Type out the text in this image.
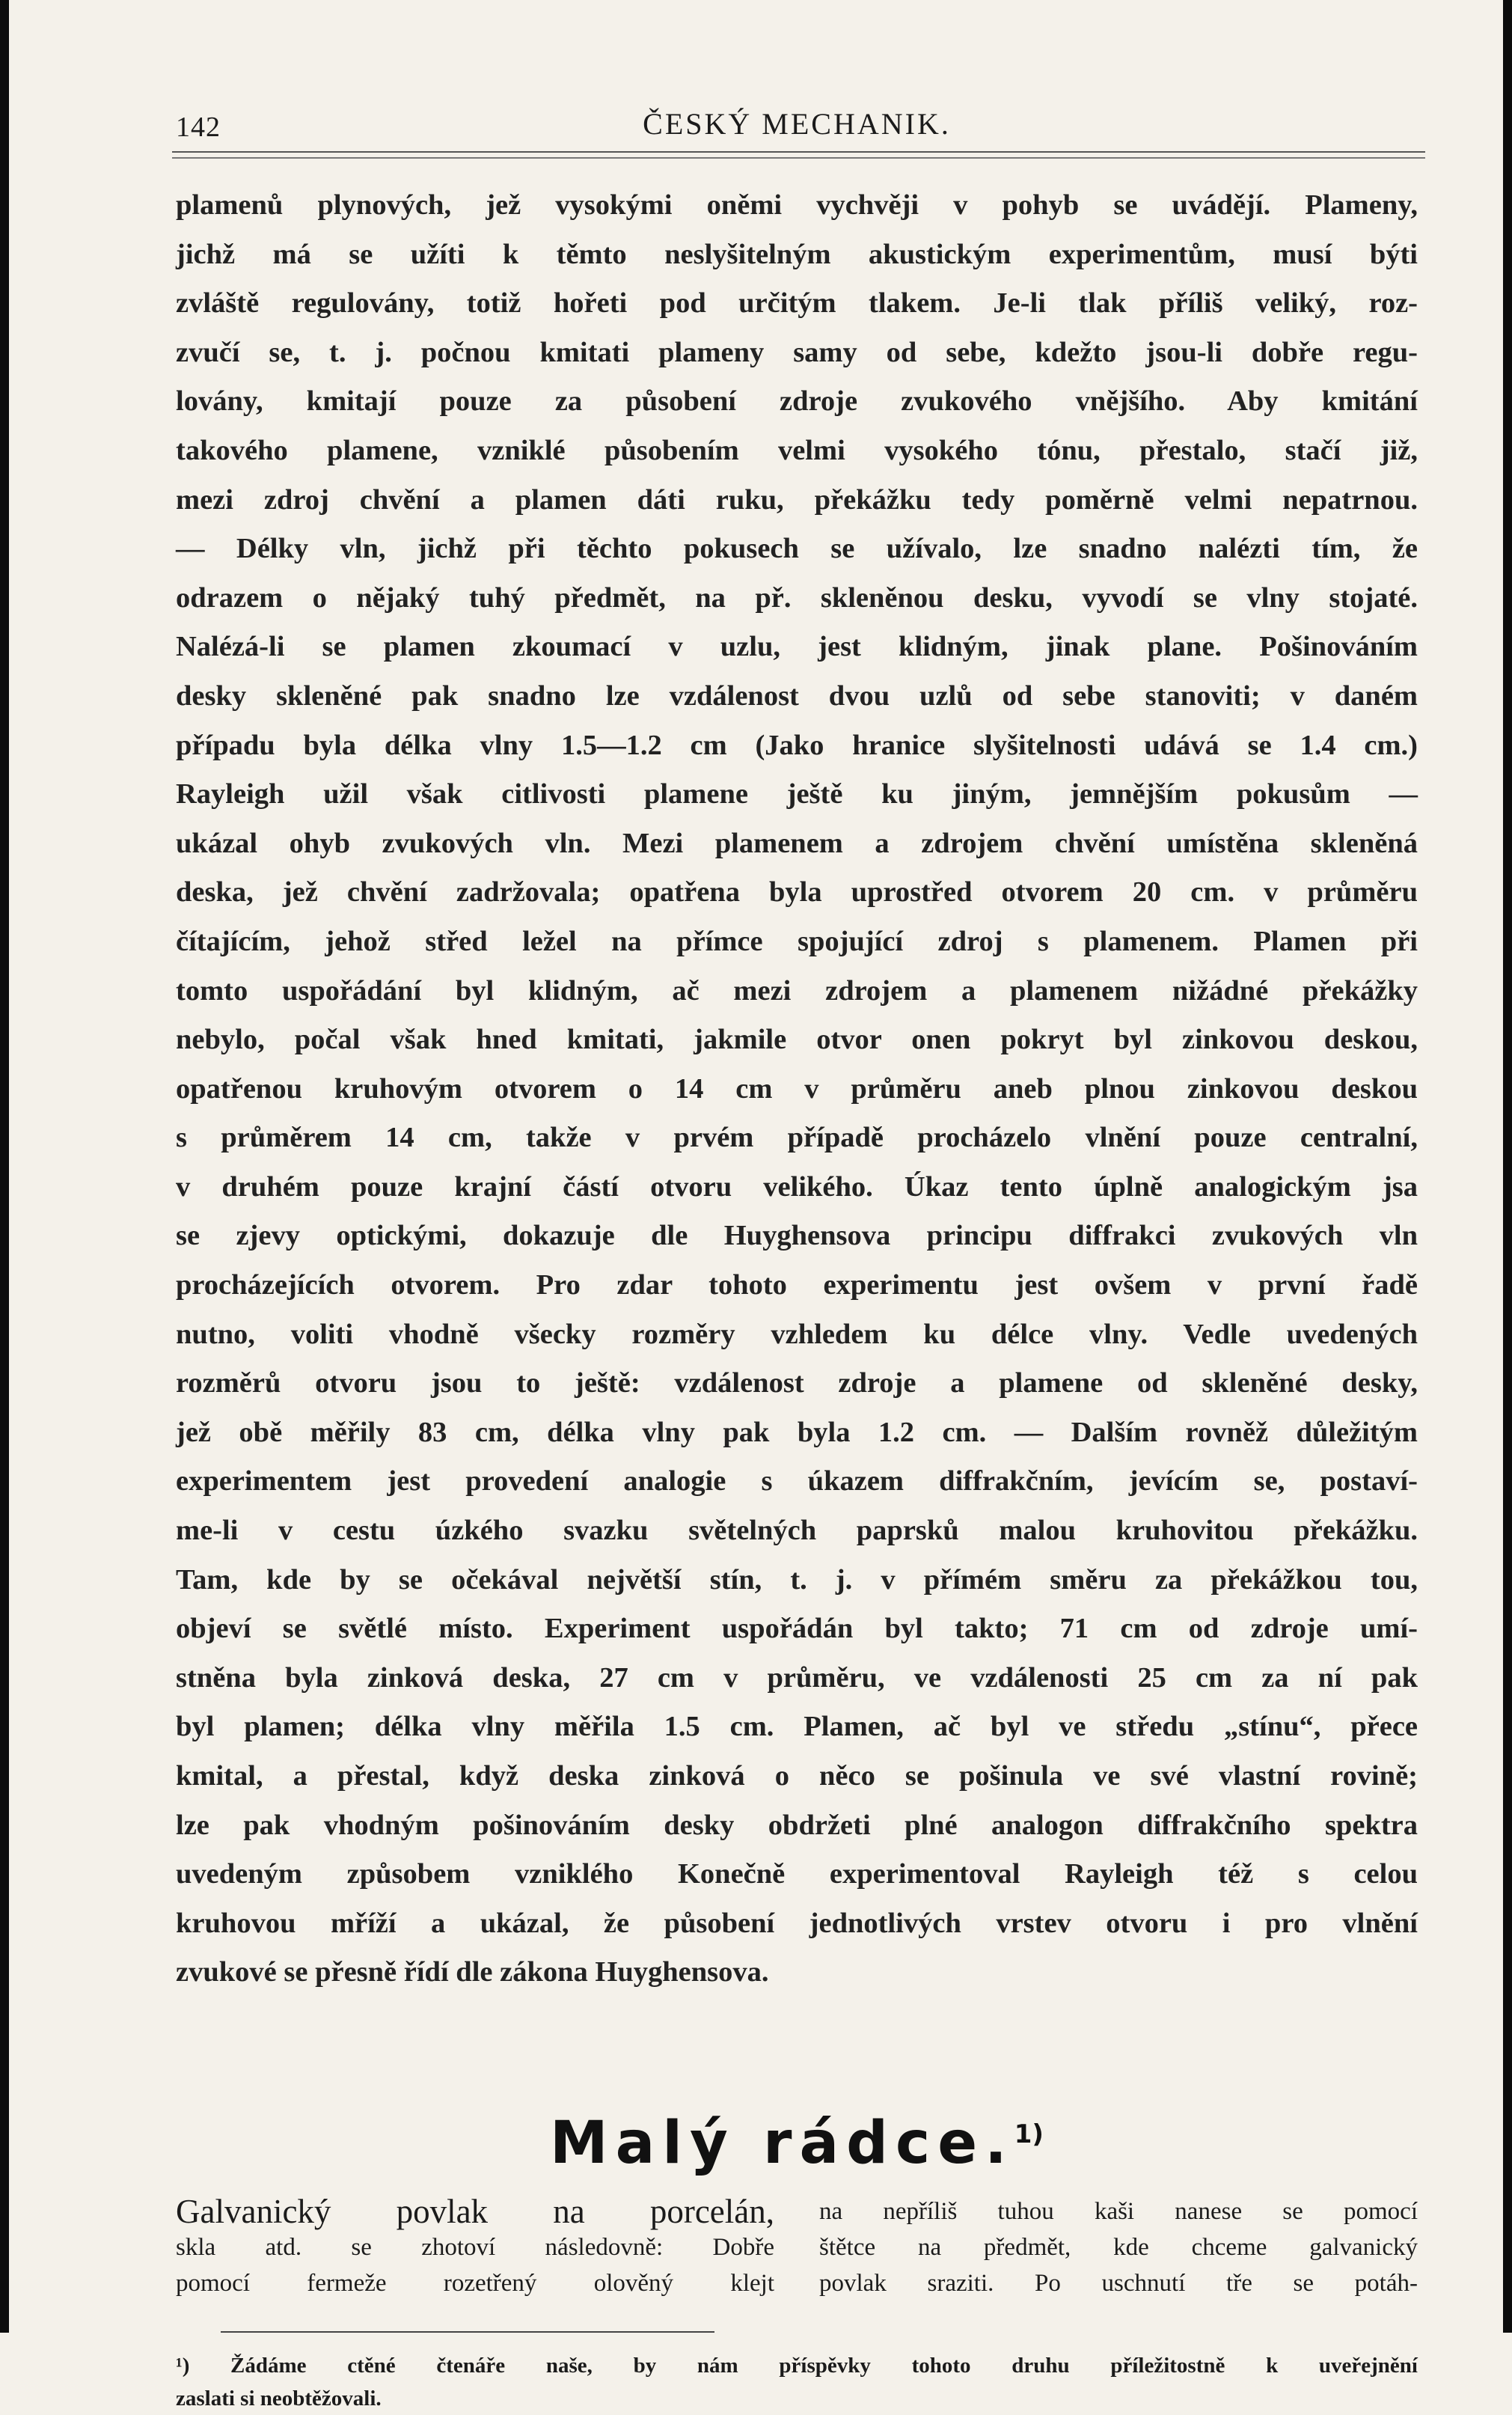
142	ČESKÝ MECHANIK.
plamenů plynových, jež vysokými oněmi vychvěji v pohyb se uvádějí. Plameny,
jichž má se užíti k těmto neslyšitelným akustickým experimentům, musí býti
zvláště regulovány, totiž hořeti pod určitým tlakem. Je-li tlak příliš veliký, roz-
zvučí se, t. j. počnou kmitati plameny samy od sebe, kdežto jsou-li dobře regu-
lovány, kmitají pouze za působení zdroje zvukového vnějšího. Aby kmitání
takového plamene, vzniklé působením velmi vysokého tónu, přestalo, stačí již,
mezi zdroj chvění a plamen dáti ruku, překážku tedy poměrně velmi nepatrnou.
— Délky vln, jichž při těchto pokusech se užívalo, lze snadno nalézti tím, že
odrazem o nějaký tuhý předmět, na př. skleněnou desku, vyvodí se vlny stojaté.
Nalézá-li se plamen zkoumací v uzlu, jest klidným, jinak plane. Pošinováním
desky skleněné pak snadno lze vzdálenost dvou uzlů od sebe stanoviti; v daném
případu byla délka vlny 1.5—1.2 cm (Jako hranice slyšitelnosti udává se 1.4 cm.)
Rayleigh užil však citlivosti plamene ještě ku jiným, jemnějším pokusům —
ukázal ohyb zvukových vln. Mezi plamenem a zdrojem chvění umístěna skleněná
deska, jež chvění zadržovala; opatřena byla uprostřed otvorem 20 cm. v průměru
čítajícím, jehož střed ležel na přímce spojující zdroj s plamenem. Plamen při
tomto uspořádání byl klidným, ač mezi zdrojem a plamenem nižádné překážky
nebylo, počal však hned kmitati, jakmile otvor onen pokryt byl zinkovou deskou,
opatřenou kruhovým otvorem o 14 cm v průměru aneb plnou zinkovou deskou
s průměrem 14 cm, takže v prvém případě procházelo vlnění pouze centralní,
v druhém pouze krajní částí otvoru velikého. Úkaz tento úplně analogickým jsa
se zjevy optickými, dokazuje dle Huyghensova principu diffrakci zvukových vln
procházejících otvorem. Pro zdar tohoto experimentu jest ovšem v první řadě
nutno, voliti vhodně všecky rozměry vzhledem ku délce vlny. Vedle uvedených
rozměrů otvoru jsou to ještě: vzdálenost zdroje a plamene od skleněné desky,
jež obě měřily 83 cm, délka vlny pak byla 1.2 cm. — Dalším rovněž důležitým
experimentem jest provedení analogie s úkazem diffrakčním, jevícím se, postaví-
me-li v cestu úzkého svazku světelných paprsků malou kruhovitou překážku.
Tam, kde by se očekával největší stín, t. j. v přímém směru za překážkou tou,
objeví se světlé místo. Experiment uspořádán byl takto; 71 cm od zdroje umí-
stněna byla zinková deska, 27 cm v průměru, ve vzdálenosti 25 cm za ní pak
byl plamen; délka vlny měřila 1.5 cm. Plamen, ač byl ve středu „stínu“, přece
kmital, a přestal, když deska zinková o něco se pošinula ve své vlastní rovině;
lze pak vhodným pošinováním desky obdržeti plné analogon diffrakčního spektra
uvedeným způsobem vzniklého Konečně experimentoval Rayleigh též s celou
kruhovou mříží a ukázal, že působení jednotlivých vrstev otvoru i pro vlnění
zvukové se přesně řídí dle zákona Huyghensova.
Malý rádce.$^{1)}$
Galvanický povlak na porcelán,
skla atd. se zhotoví následovně: Dobře
pomocí fermeže rozetřený olověný klejt
na nepříliš tuhou kaši nanese se pomocí
štětce na předmět, kde chceme galvanický
povlak sraziti. Po uschnutí tře se potáh-
¹) Žádáme ctěné čtenáře naše, by nám příspěvky tohoto druhu příležitostně k uveřejnění
zaslati si neobtěžovali.
